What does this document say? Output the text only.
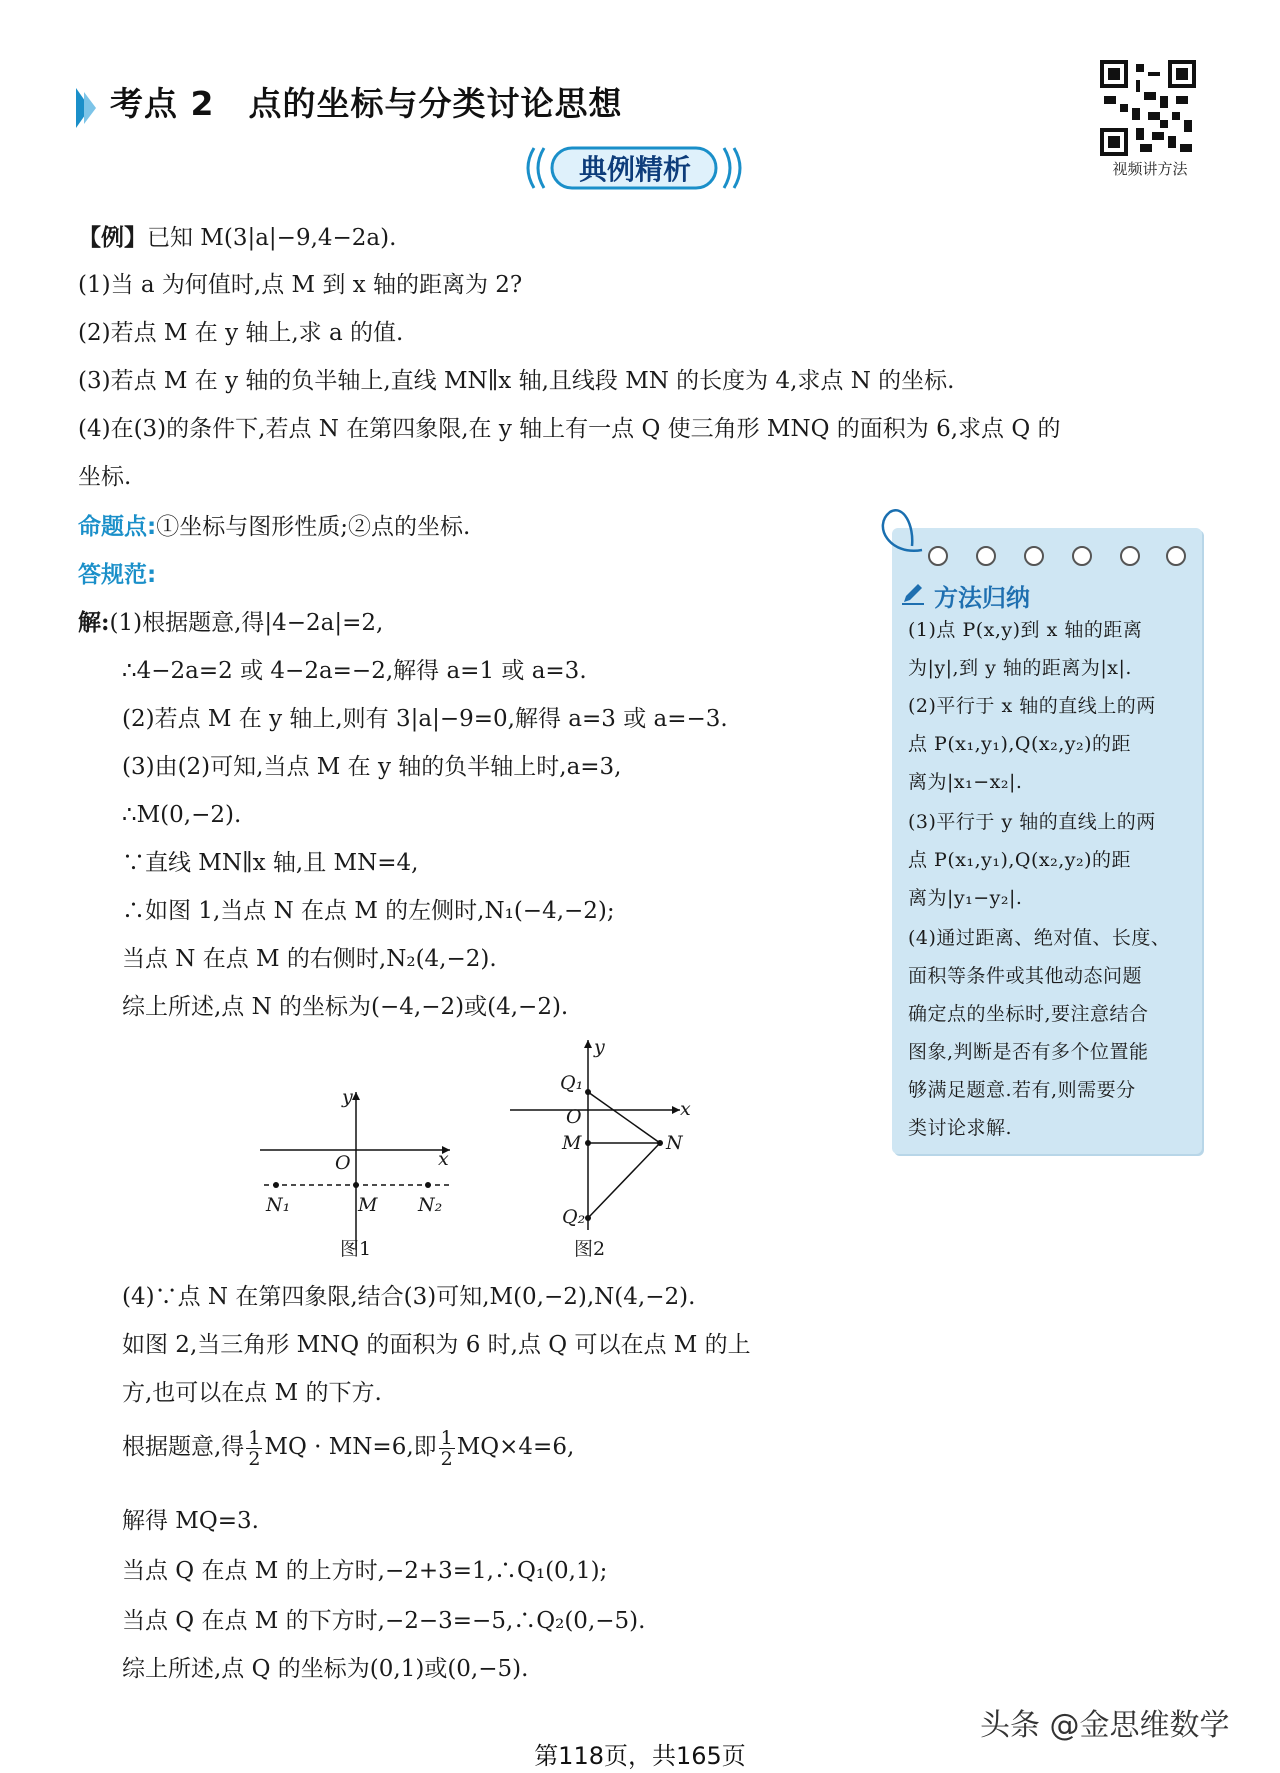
考点 2 点的坐标与分类讨论思想
视频讲方法
典例精析
【例】已知 M(3|a|−9,4−2a).
(1)当 a 为何值时,点 M 到 x 轴的距离为 2?
(2)若点 M 在 y 轴上,求 a 的值.
(3)若点 M 在 y 轴的负半轴上,直线 MN∥x 轴,且线段 MN 的长度为 4,求点 N 的坐标.
(4)在(3)的条件下,若点 N 在第四象限,在 y 轴上有一点 Q 使三角形 MNQ 的面积为 6,求点 Q 的
坐标.
命题点:①坐标与图形性质;②点的坐标.
答规范:
解:(1)根据题意,得|4−2a|=2,
∴4−2a=2 或 4−2a=−2,解得 a=1 或 a=3.
(2)若点 M 在 y 轴上,则有 3|a|−9=0,解得 a=3 或 a=−3.
(3)由(2)可知,当点 M 在 y 轴的负半轴上时,a=3,
∴M(0,−2).
∵直线 MN∥x 轴,且 MN=4,
∴如图 1,当点 N 在点 M 的左侧时,N₁(−4,−2);
当点 N 在点 M 的右侧时,N₂(4,−2).
综上所述,点 N 的坐标为(−4,−2)或(4,−2).
y
x
O
N₁	M N₂
图1
y
x
O
Q₁
M	N
Q₂
图2
(4)∵点 N 在第四象限,结合(3)可知,M(0,−2),N(4,−2).
如图 2,当三角形 MNQ 的面积为 6 时,点 Q 可以在点 M 的上
方,也可以在点 M 的下方.
根据题意,得 $\frac{1}{2}$ MQ · MN=6,即 $\frac{1}{2} MQ\times 4=6$,
解得 MQ=3.
当点 Q 在点 M 的上方时,−2+3=1,∴Q₁(0,1);
当点 Q 在点 M 的下方时,−2−3=−5,∴Q₂(0,−5).
综上所述,点 Q 的坐标为(0,1)或(0,−5).
方法归纳
(1)点 P(x,y)到 x 轴的距离
为|y|,到 y 轴的距离为|x|.
(2)平行于 x 轴的直线上的两
点 P(x₁,y₁),Q(x₂,y₂)的距
离为|x₁−x₂|.
(3)平行于 y 轴的直线上的两
点 P(x₁,y₁),Q(x₂,y₂)的距
离为|y₁−y₂|.
(4)通过距离、绝对值、长度、
面积等条件或其他动态问题
确定点的坐标时,要注意结合
图象,判断是否有多个位置能
够满足题意.若有,则需要分
类讨论求解.
头条 @金思维数学
第118页，共165页
